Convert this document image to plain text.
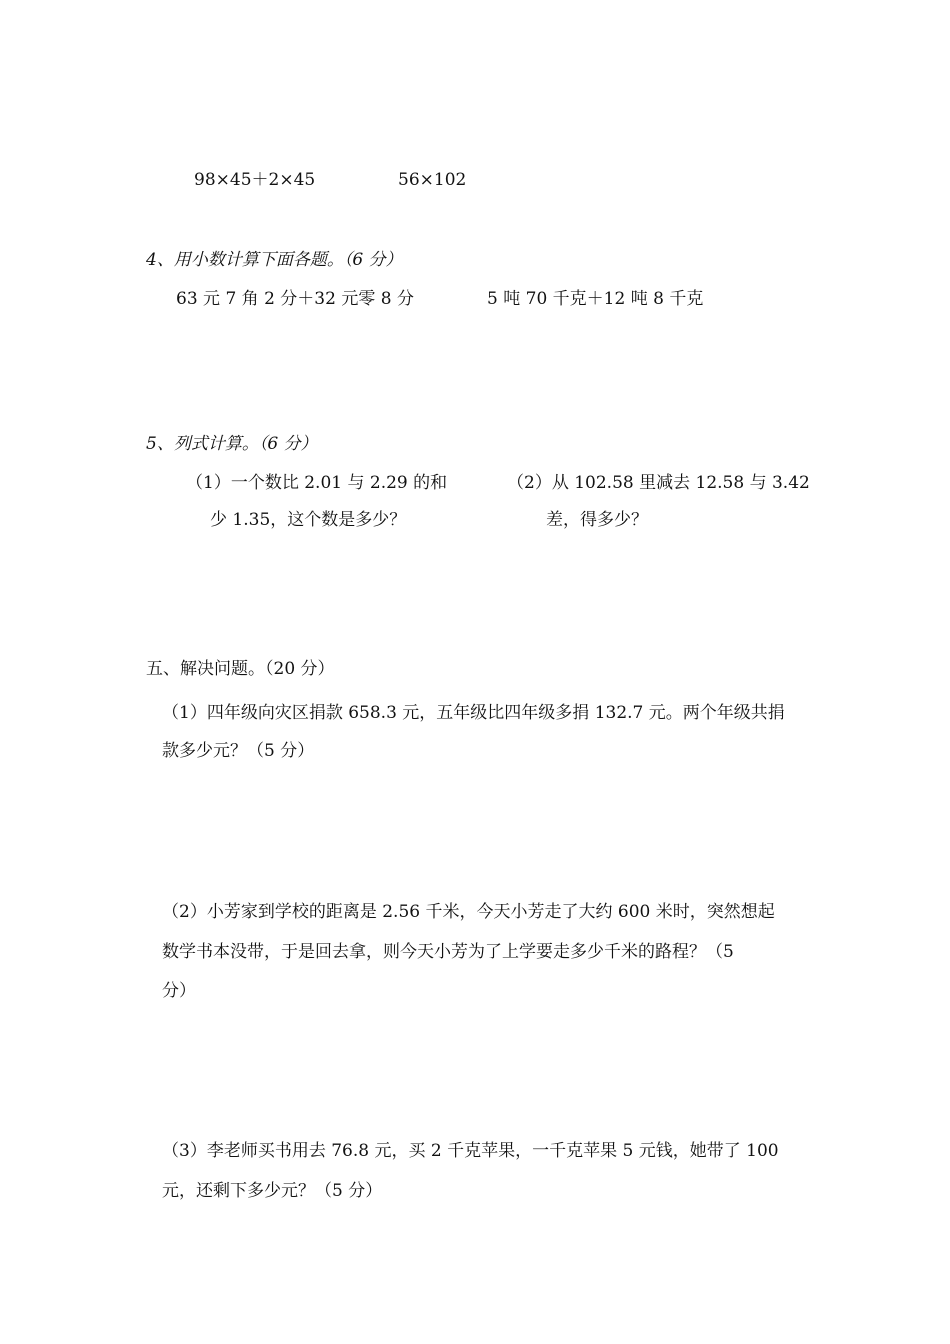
98×45＋2×45	56×102
4、用小数计算下面各题。（6 分）
63 元 7 角 2 分＋32 元零 8 分	5 吨 70 千克＋12 吨 8 千克
5、列式计算。（6 分）
（1）一个数比 2.01 与 2.29 的和
少 1.35，这个数是多少？
（2）从 102.58 里减去 12.58 与 3.42
差，得多少？
五、解决问题。（20 分）
（1）四年级向灾区捐款 658.3 元，五年级比四年级多捐 132.7 元。两个年级共捐
款多少元？（5 分）
（2）小芳家到学校的距离是 2.56 千米，今天小芳走了大约 600 米时，突然想起
数学书本没带，于是回去拿，则今天小芳为了上学要走多少千米的路程？（5
分）
（3）李老师买书用去 76.8 元，买 2 千克苹果，一千克苹果 5 元钱，她带了 100
元，还剩下多少元？（5 分）
